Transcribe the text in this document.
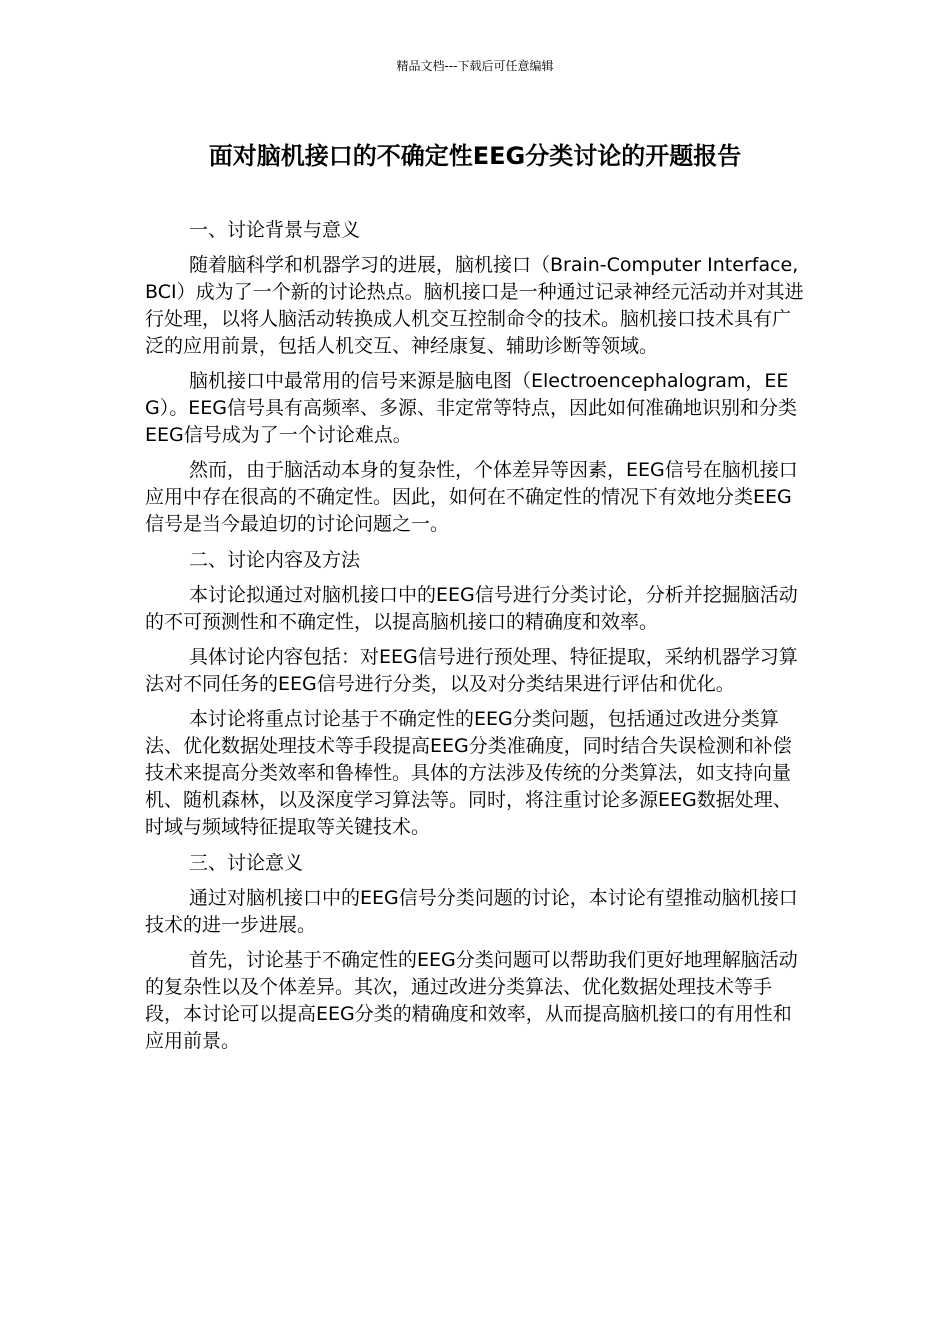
精品文档---下载后可任意编辑
面对脑机接口的不确定性EEG分类讨论的开题报告

一、讨论背景与意义

随着脑科学和机器学习的进展，脑机接口（Brain-Computer Interface, BCI）成为了一个新的讨论热点。脑机接口是一种通过记录神经元活动并对其进行处理，以将人脑活动转换成人机交互控制命令的技术。脑机接口技术具有广泛的应用前景，包括人机交互、神经康复、辅助诊断等领域。

脑机接口中最常用的信号来源是脑电图（Electroencephalogram，EEG）。EEG信号具有高频率、多源、非定常等特点，因此如何准确地识别和分类EEG信号成为了一个讨论难点。

然而，由于脑活动本身的复杂性，个体差异等因素，EEG信号在脑机接口应用中存在很高的不确定性。因此，如何在不确定性的情况下有效地分类EEG信号是当今最迫切的讨论问题之一。

二、讨论内容及方法

本讨论拟通过对脑机接口中的EEG信号进行分类讨论，分析并挖掘脑活动的不可预测性和不确定性，以提高脑机接口的精确度和效率。

具体讨论内容包括：对EEG信号进行预处理、特征提取，采纳机器学习算法对不同任务的EEG信号进行分类，以及对分类结果进行评估和优化。

本讨论将重点讨论基于不确定性的EEG分类问题，包括通过改进分类算法、优化数据处理技术等手段提高EEG分类准确度，同时结合失误检测和补偿技术来提高分类效率和鲁棒性。具体的方法涉及传统的分类算法，如支持向量机、随机森林，以及深度学习算法等。同时，将注重讨论多源EEG数据处理、时域与频域特征提取等关键技术。

三、讨论意义

通过对脑机接口中的EEG信号分类问题的讨论，本讨论有望推动脑机接口技术的进一步进展。

首先，讨论基于不确定性的EEG分类问题可以帮助我们更好地理解脑活动的复杂性以及个体差异。其次，通过改进分类算法、优化数据处理技术等手段，本讨论可以提高EEG分类的精确度和效率，从而提高脑机接口的有用性和应用前景。
